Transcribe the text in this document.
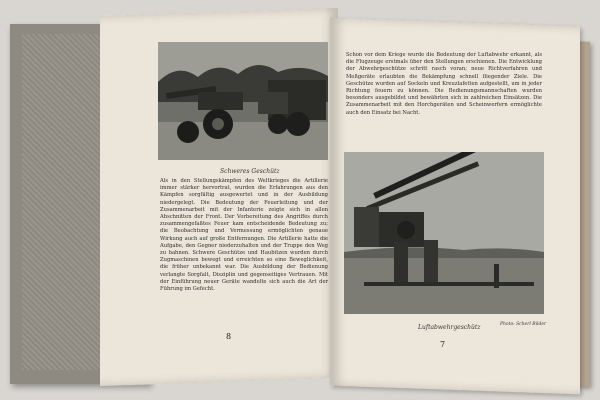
Schweres Geschütz
Als in den Stellungskämpfen des Weltkrieges die Artillerie immer stärker hervortrat, wurden die Erfahrungen aus den Kämpfen sorgfältig ausgewertet und in der Ausbildung niedergelegt. Die Bedeutung der Feuerleitung und der Zusammenarbeit mit der Infanterie zeigte sich in allen Abschnitten der Front. Der Vorbereitung des Angriffes durch zusammengefaßtes Feuer kam entscheidende Bedeutung zu; die Beobachtung und Vermessung ermöglichten genaue Wirkung auch auf große Entfernungen. Die Artillerie hatte die Aufgabe, den Gegner niederzuhalten und der Truppe den Weg zu bahnen. Schwere Geschütze und Haubitzen wurden durch Zugmaschinen bewegt und erreichten so eine Beweglichkeit, die früher unbekannt war. Die Ausbildung der Bedienung verlangte Sorgfalt, Disziplin und gegenseitiges Vertrauen. Mit der Einführung neuer Geräte wandelte sich auch die Art der Führung im Gefecht.
8
Schon vor dem Kriege wurde die Bedeutung der Luftabwehr erkannt, als die Flugzeuge erstmals über den Stellungen erschienen. Die Entwicklung der Abwehrgeschütze schritt rasch voran; neue Richtverfahren und Meßgeräte erlaubten die Bekämpfung schnell fliegender Ziele. Die Geschütze wurden auf Sockeln und Kreuzlafetten aufgestellt, um in jeder Richtung feuern zu können. Die Bedienungsmannschaften wurden besonders ausgebildet und bewährten sich in zahlreichen Einsätzen. Die Zusammenarbeit mit den Horchgeräten und Scheinwerfern ermöglichte auch den Einsatz bei Nacht.
Luftabwehrgeschütz	Photo: Scherl Bilder
7
